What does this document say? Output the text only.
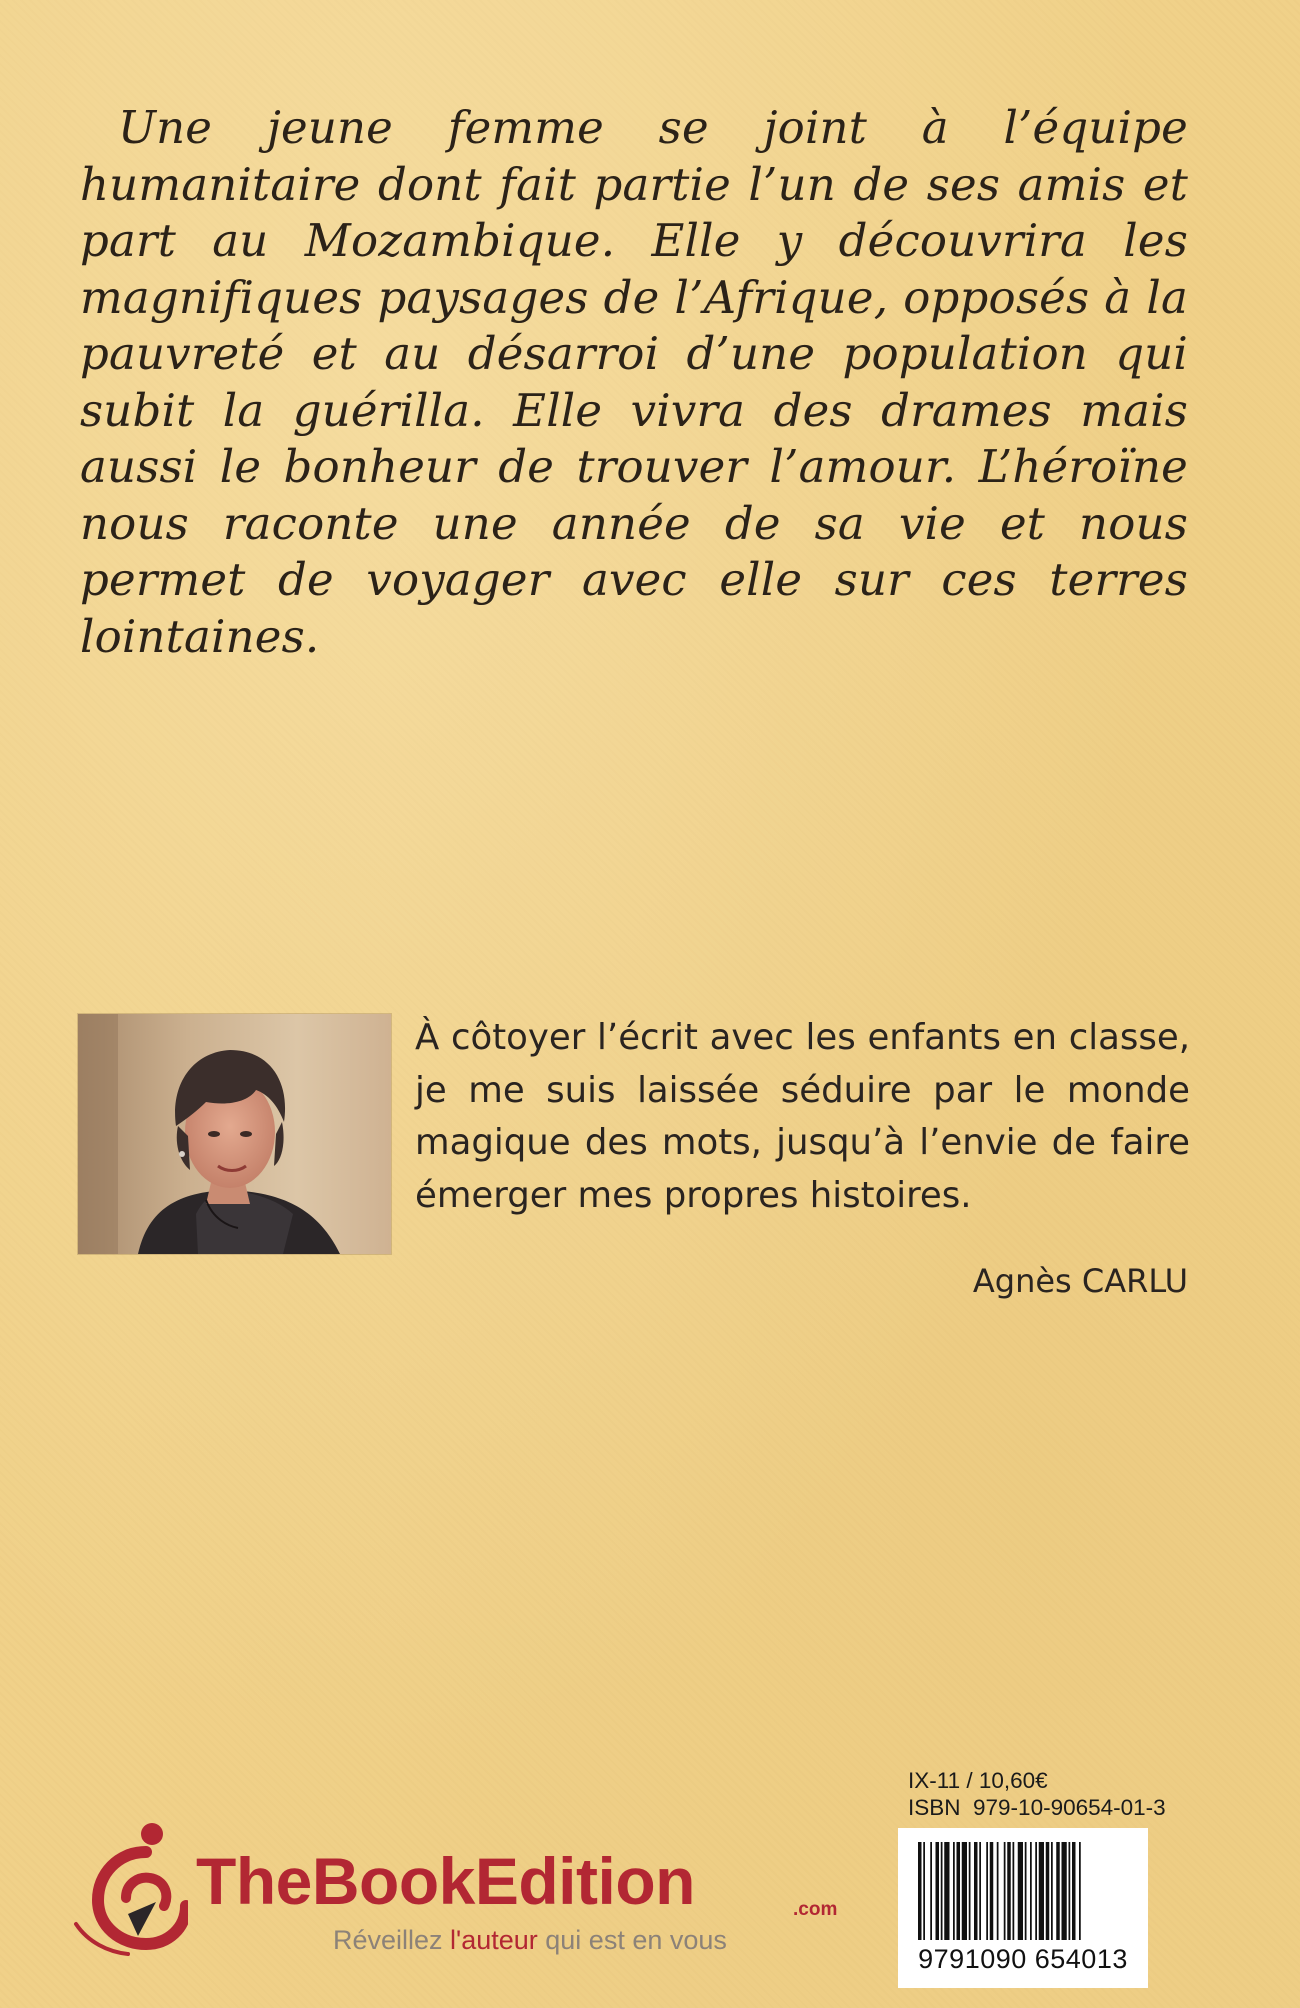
Une jeune femme se joint à l’équipe humanitaire dont fait partie l’un de ses amis et part au Mozambique. Elle y découvrira les magnifiques paysages de l’Afrique, opposés à la pauvreté et au désarroi d’une population qui subit la guérilla. Elle vivra des drames mais aussi le bonheur de trouver l’amour. L’héroïne nous raconte une année de sa vie et nous permet de voyager avec elle sur ces terres lointaines.

À côtoyer l’écrit avec les enfants en classe, je me suis laissée séduire par le monde magique des mots, jusqu’à l’envie de faire émerger mes propres histoires.

Agnès CARLU
IX-11 / 10,60€
ISBN  979-10-90654-01-3
9791090 654013
TheBookEdition	.com
Réveillez l'auteur qui est en vous
